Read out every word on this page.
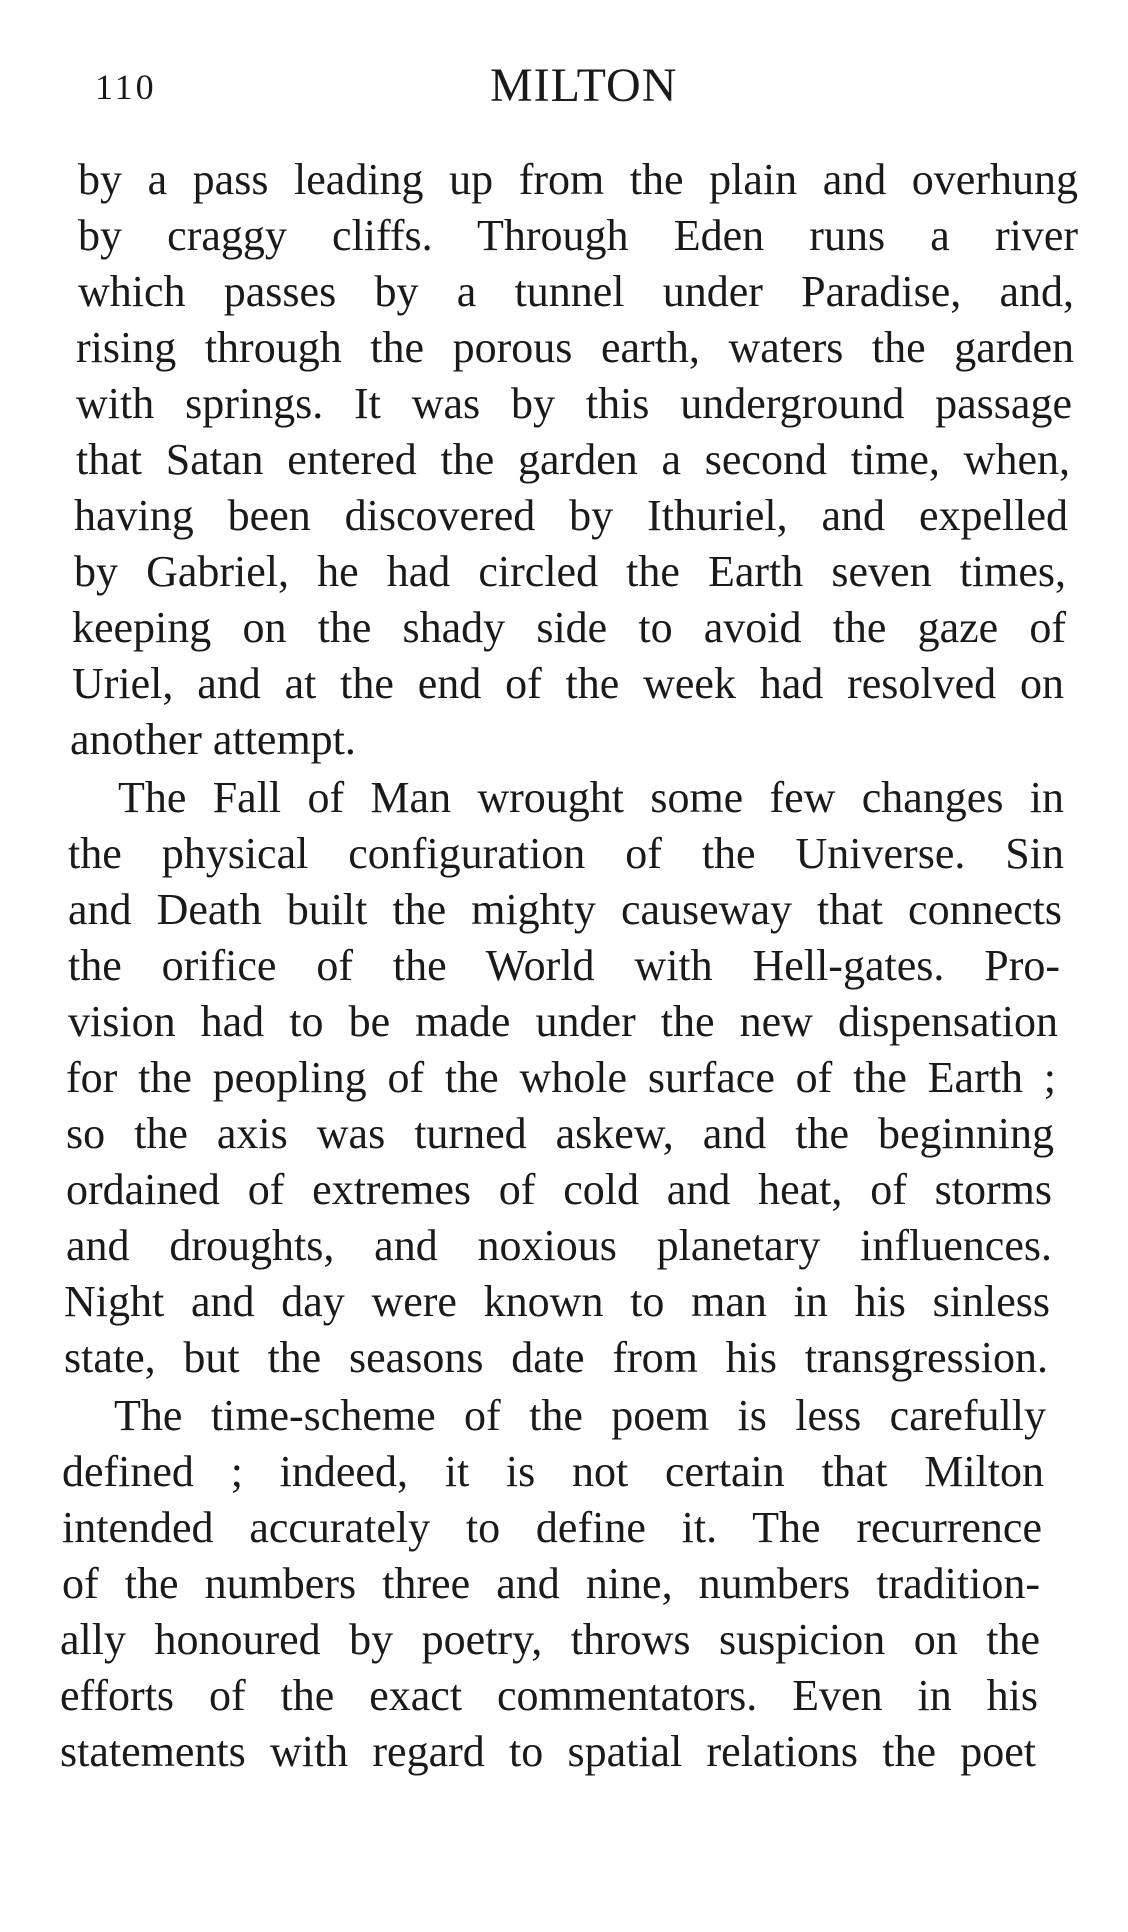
110	MILTON
by a pass leading up from the plain and overhung
by craggy cliffs. Through Eden runs a river
which passes by a tunnel under Paradise, and,
rising through the porous earth, waters the garden
with springs. It was by this underground passage
that Satan entered the garden a second time, when,
having been discovered by Ithuriel, and expelled
by Gabriel, he had circled the Earth seven times,
keeping on the shady side to avoid the gaze of
Uriel, and at the end of the week had resolved on
another attempt.
The Fall of Man wrought some few changes in
the physical configuration of the Universe. Sin
and Death built the mighty causeway that connects
the orifice of the World with Hell-gates. Pro-
vision had to be made under the new dispensation
for the peopling of the whole surface of the Earth ;
so the axis was turned askew, and the beginning
ordained of extremes of cold and heat, of storms
and droughts, and noxious planetary influences.
Night and day were known to man in his sinless
state, but the seasons date from his transgression.
The time-scheme of the poem is less carefully
defined ; indeed, it is not certain that Milton
intended accurately to define it. The recurrence
of the numbers three and nine, numbers tradition-
ally honoured by poetry, throws suspicion on the
efforts of the exact commentators. Even in his
statements with regard to spatial relations the poet
